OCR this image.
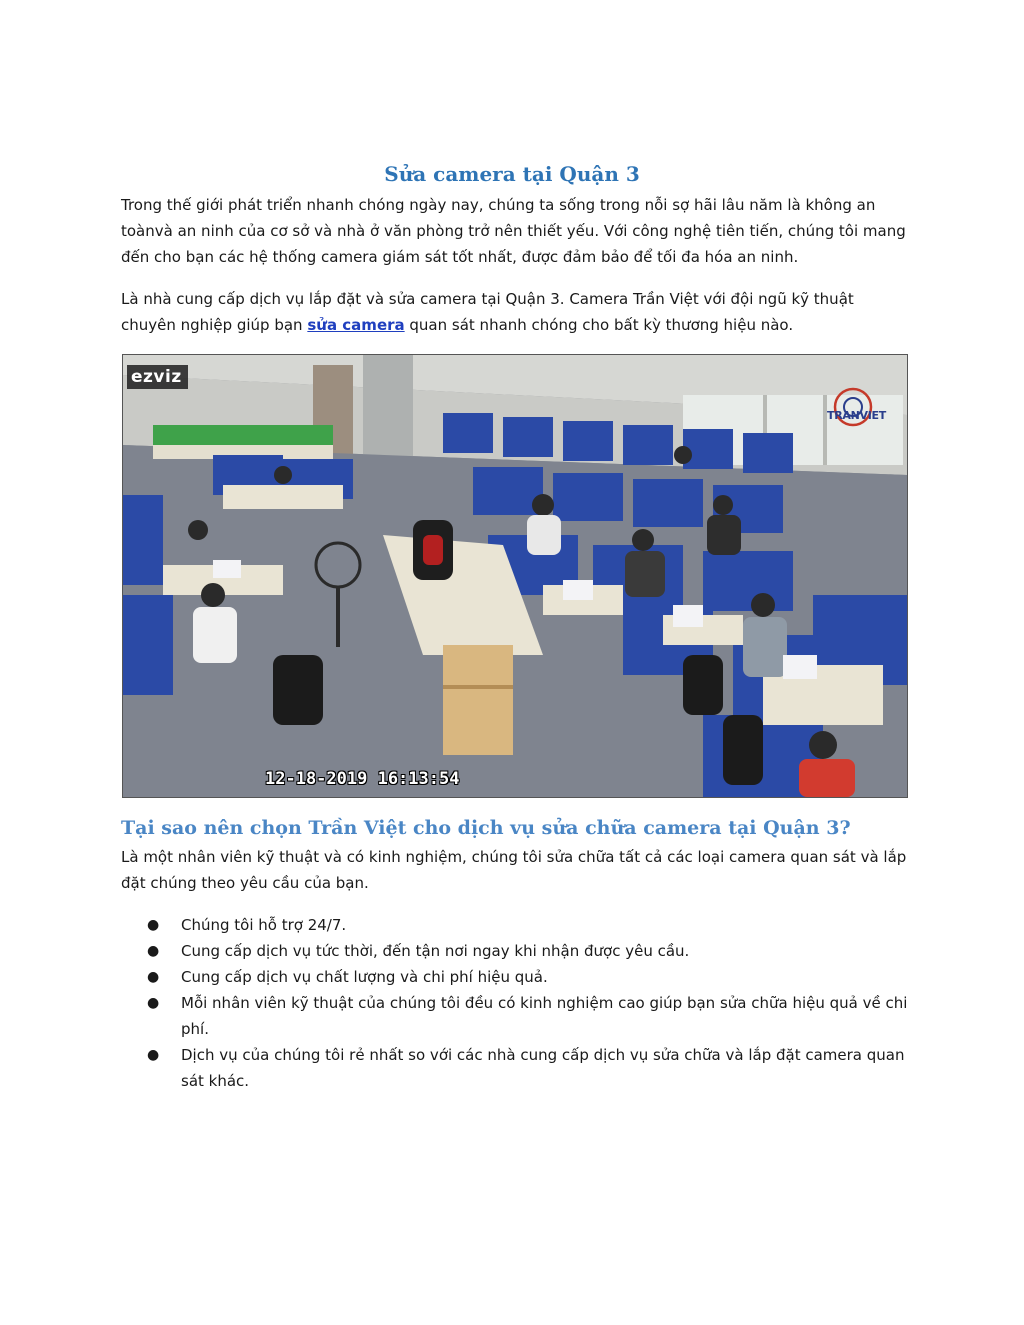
Sửa camera tại Quận 3
Trong thế giới phát triển nhanh chóng ngày nay, chúng ta sống trong nỗi sợ hãi lâu năm là không an toànvà an ninh của cơ sở và nhà ở văn phòng trở nên thiết yếu. Với công nghệ tiên tiến, chúng tôi mang đến cho bạn các hệ thống camera giám sát tốt nhất, được đảm bảo để tối đa hóa an ninh.
Là nhà cung cấp dịch vụ lắp đặt và sửa camera tại Quận 3. Camera Trần Việt với đội ngũ kỹ thuật chuyên nghiệp giúp bạn sửa camera quan sát nhanh chóng cho bất kỳ thương hiệu nào.
ezviz
TRANVIET
12-18-2019 16:13:54
Tại sao nên chọn Trần Việt cho dịch vụ sửa chữa camera tại Quận 3?
Là một nhân viên kỹ thuật và có kinh nghiệm, chúng tôi sửa chữa tất cả các loại camera quan sát và lắp đặt chúng theo yêu cầu của bạn.
● Chúng tôi hỗ trợ 24/7.
● Cung cấp dịch vụ tức thời, đến tận nơi ngay khi nhận được yêu cầu.
● Cung cấp dịch vụ chất lượng và chi phí hiệu quả.
● Mỗi nhân viên kỹ thuật của chúng tôi đều có kinh nghiệm cao giúp bạn sửa chữa hiệu quả về chi phí.
● Dịch vụ của chúng tôi rẻ nhất so với các nhà cung cấp dịch vụ sửa chữa và lắp đặt camera quan sát khác.
